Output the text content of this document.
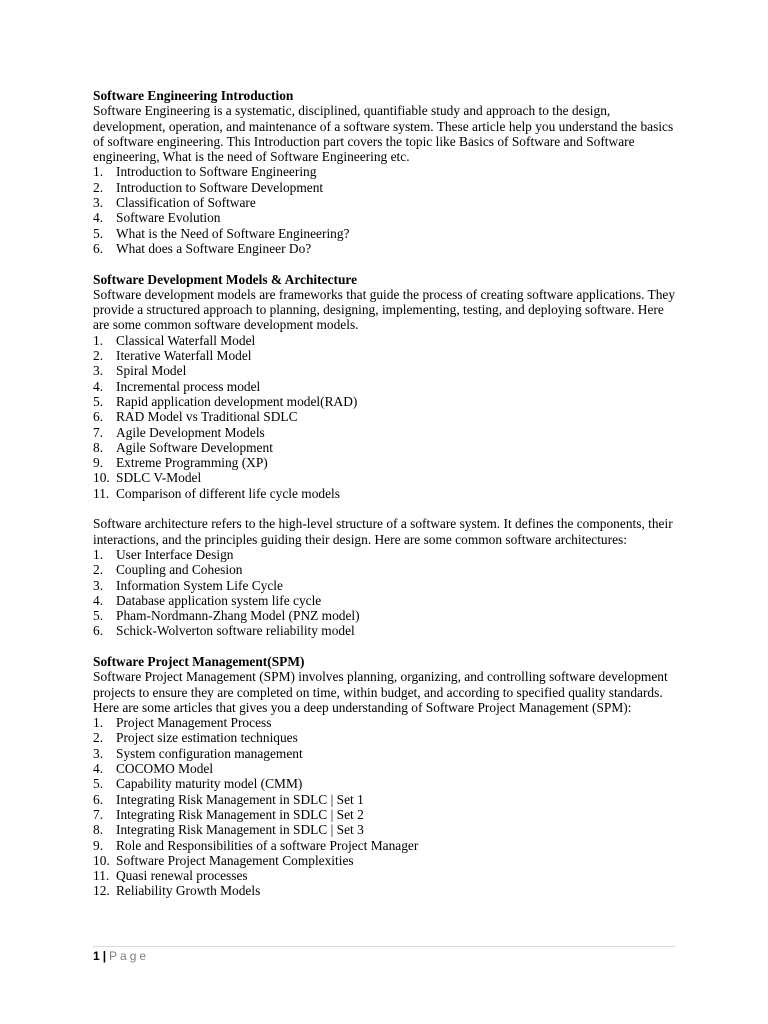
Software Engineering Introduction

Software Engineering is a systematic, disciplined, quantifiable study and approach to the design, development, operation, and maintenance of a software system. These article help you understand the basics of software engineering. This Introduction part covers the topic like Basics of Software and Software engineering, What is the need of Software Engineering etc.

1. Introduction to Software Engineering
2. Introduction to Software Development
3. Classification of Software
4. Software Evolution
5. What is the Need of Software Engineering?
6. What does a Software Engineer Do?
Software Development Models & Architecture

Software development models are frameworks that guide the process of creating software applications. They provide a structured approach to planning, designing, implementing, testing, and deploying software. Here are some common software development models.

1. Classical Waterfall Model
2. Iterative Waterfall Model
3. Spiral Model
4. Incremental process model
5. Rapid application development model(RAD)
6. RAD Model vs Traditional SDLC
7. Agile Development Models
8. Agile Software Development
9. Extreme Programming (XP)
10. SDLC V-Model
11. Comparison of different life cycle models

Software architecture refers to the high-level structure of a software system. It defines the components, their interactions, and the principles guiding their design. Here are some common software architectures:

1. User Interface Design
2. Coupling and Cohesion
3. Information System Life Cycle
4. Database application system life cycle
5. Pham-Nordmann-Zhang Model (PNZ model)
6. Schick-Wolverton software reliability model
Software Project Management(SPM)

Software Project Management (SPM) involves planning, organizing, and controlling software development projects to ensure they are completed on time, within budget, and according to specified quality standards. Here are some articles that gives you a deep understanding of Software Project Management (SPM):

1. Project Management Process
2. Project size estimation techniques
3. System configuration management
4. COCOMO Model
5. Capability maturity model (CMM)
6. Integrating Risk Management in SDLC | Set 1
7. Integrating Risk Management in SDLC | Set 2
8. Integrating Risk Management in SDLC | Set 3
9. Role and Responsibilities of a software Project Manager
10. Software Project Management Complexities
11. Quasi renewal processes
12. Reliability Growth Models
1 | Page
